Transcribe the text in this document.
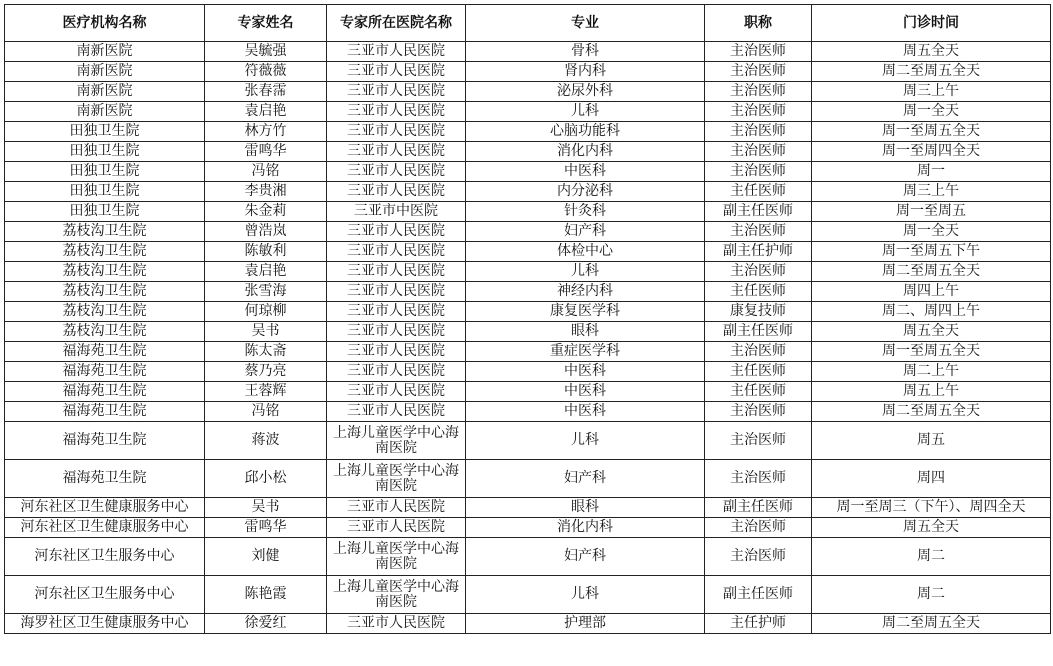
医疗机构名称	专家姓名	专家所在医院名称	专业	职称	门诊时间
南新医院	吴毓强	三亚市人民医院	骨科	主治医师	周五全天
南新医院	符薇薇	三亚市人民医院	肾内科	主治医师	周二至周五全天
南新医院	张春霈	三亚市人民医院	泌尿外科	主治医师	周三上午
南新医院	袁启艳	三亚市人民医院	儿科	主治医师	周一全天
田独卫生院	林方竹	三亚市人民医院	心脑功能科	主治医师	周一至周五全天
田独卫生院	雷鸣华	三亚市人民医院	消化内科	主治医师	周一至周四全天
田独卫生院	冯铭	三亚市人民医院	中医科	主治医师	周一
田独卫生院	李贵湘	三亚市人民医院	内分泌科	主任医师	周三上午
田独卫生院	朱金莉	三亚市中医院	针灸科	副主任医师	周一至周五
荔枝沟卫生院	曾浩岚	三亚市人民医院	妇产科	主治医师	周一全天
荔枝沟卫生院	陈敏利	三亚市人民医院	体检中心	副主任护师	周一至周五下午
荔枝沟卫生院	袁启艳	三亚市人民医院	儿科	主治医师	周二至周五全天
荔枝沟卫生院	张雪海	三亚市人民医院	神经内科	主任医师	周四上午
荔枝沟卫生院	何琼柳	三亚市人民医院	康复医学科	康复技师	周二、周四上午
荔枝沟卫生院	吴书	三亚市人民医院	眼科	副主任医师	周五全天
福海苑卫生院	陈太斋	三亚市人民医院	重症医学科	主治医师	周一至周五全天
福海苑卫生院	蔡乃亮	三亚市人民医院	中医科	主任医师	周二上午
福海苑卫生院	王蓉辉	三亚市人民医院	中医科	主任医师	周五上午
福海苑卫生院	冯铭	三亚市人民医院	中医科	主治医师	周二至周五全天
福海苑卫生院	蒋波	上海儿童医学中心海南医院	儿科	主治医师	周五
福海苑卫生院	邱小松	上海儿童医学中心海南医院	妇产科	主治医师	周四
河东社区卫生健康服务中心	吴书	三亚市人民医院	眼科	副主任医师	周一至周三（下午）、周四全天
河东社区卫生健康服务中心	雷鸣华	三亚市人民医院	消化内科	主治医师	周五全天
河东社区卫生服务中心	刘健	上海儿童医学中心海南医院	妇产科	主治医师	周二
河东社区卫生服务中心	陈艳霞	上海儿童医学中心海南医院	儿科	副主任医师	周二
海罗社区卫生健康服务中心	徐爱红	三亚市人民医院	护理部	主任护师	周二至周五全天
